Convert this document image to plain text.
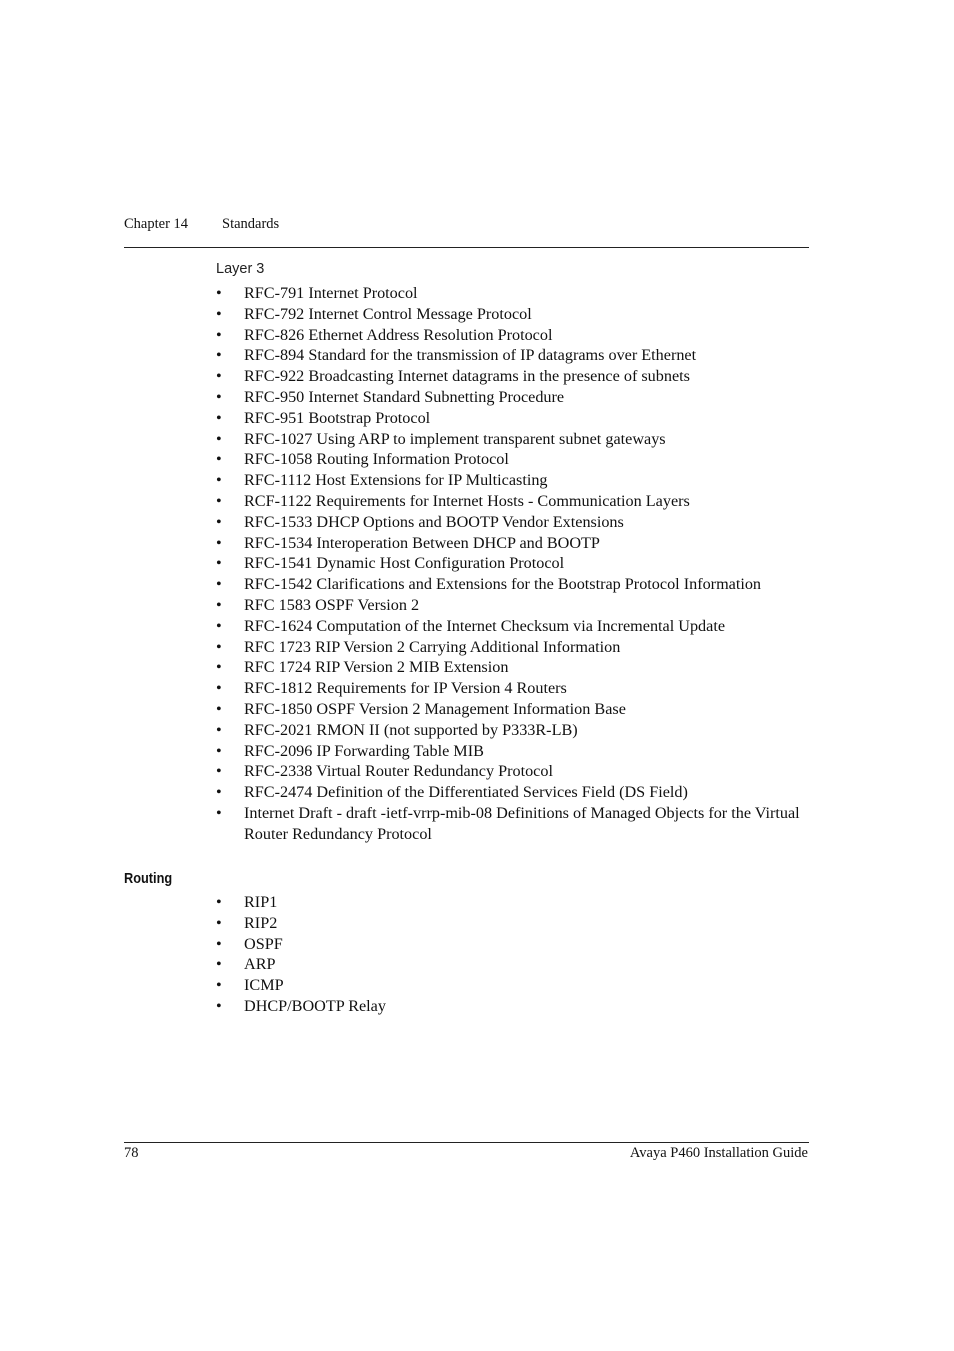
Chapter 14 Standards
Layer 3
• RFC-791 Internet Protocol
• RFC-792 Internet Control Message Protocol
• RFC-826 Ethernet Address Resolution Protocol
• RFC-894 Standard for the transmission of IP datagrams over Ethernet
• RFC-922 Broadcasting Internet datagrams in the presence of subnets
• RFC-950 Internet Standard Subnetting Procedure
• RFC-951 Bootstrap Protocol
• RFC-1027 Using ARP to implement transparent subnet gateways
• RFC-1058 Routing Information Protocol
• RFC-1112 Host Extensions for IP Multicasting
• RCF-1122 Requirements for Internet Hosts - Communication Layers
• RFC-1533 DHCP Options and BOOTP Vendor Extensions
• RFC-1534 Interoperation Between DHCP and BOOTP
• RFC-1541 Dynamic Host Configuration Protocol
• RFC-1542 Clarifications and Extensions for the Bootstrap Protocol Information
• RFC 1583 OSPF Version 2
• RFC-1624 Computation of the Internet Checksum via Incremental Update
• RFC 1723 RIP Version 2 Carrying Additional Information
• RFC 1724 RIP Version 2 MIB Extension
• RFC-1812 Requirements for IP Version 4 Routers
• RFC-1850 OSPF Version 2 Management Information Base
• RFC-2021 RMON II (not supported by P333R-LB)
• RFC-2096 IP Forwarding Table MIB
• RFC-2338 Virtual Router Redundancy Protocol
• RFC-2474 Definition of the Differentiated Services Field (DS Field)
• Internet Draft - draft -ietf-vrrp-mib-08 Definitions of Managed Objects for the Virtual Router Redundancy Protocol
Routing
• RIP1
• RIP2
• OSPF
• ARP
• ICMP
• DHCP/BOOTP Relay
78	Avaya P460 Installation Guide
